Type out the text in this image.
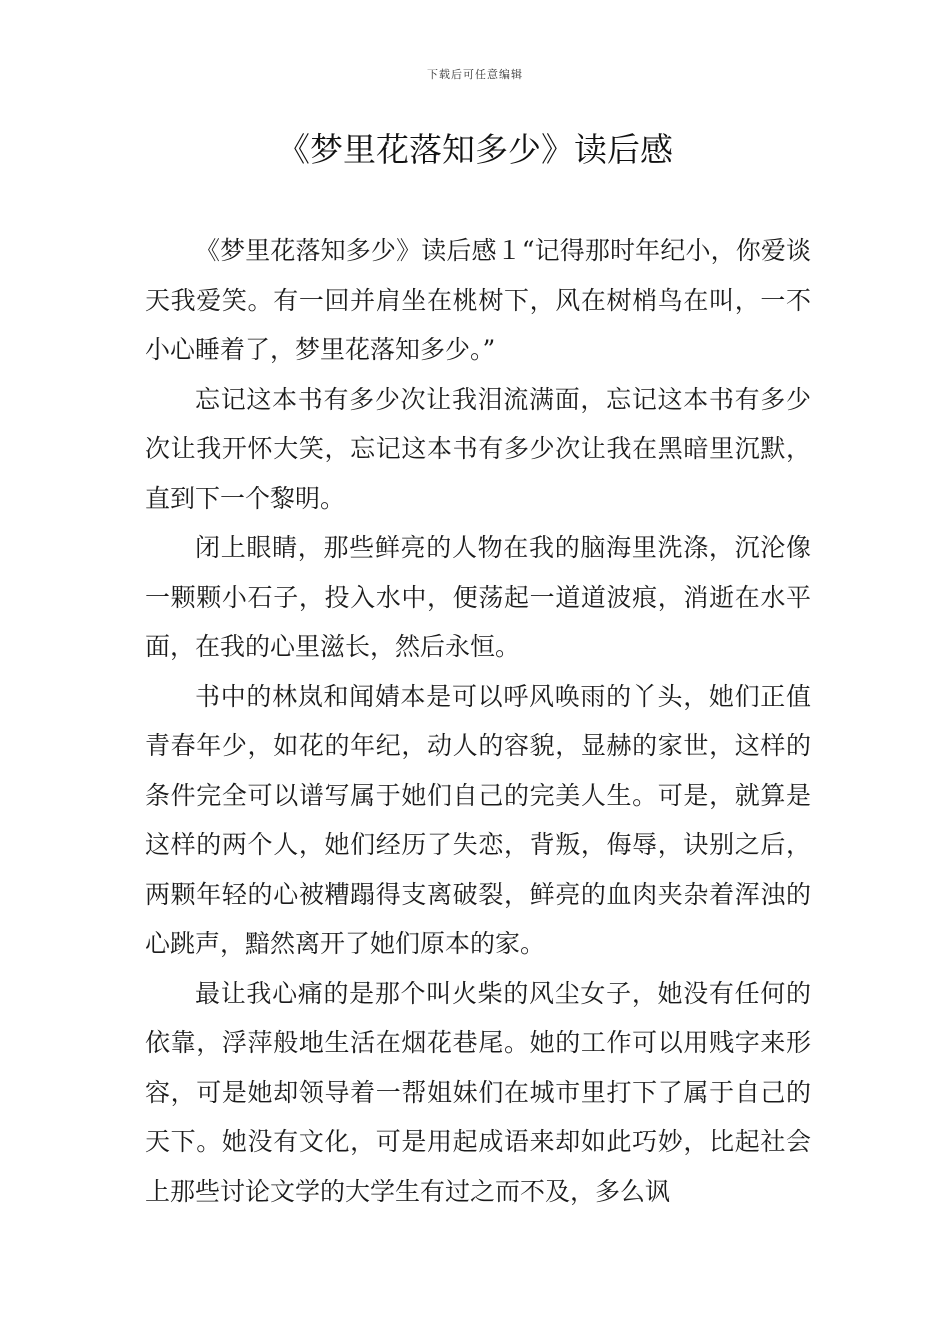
下载后可任意编辑
《梦里花落知多少》读后感

《梦里花落知多少》读后感１“记得那时年纪小，你爱谈天我爱笑。有一回并肩坐在桃树下，风在树梢鸟在叫，一不小心睡着了，梦里花落知多少。”

忘记这本书有多少次让我泪流满面，忘记这本书有多少次让我开怀大笑，忘记这本书有多少次让我在黑暗里沉默，直到下一个黎明。

闭上眼睛，那些鲜亮的人物在我的脑海里洗涤，沉沦像一颗颗小石子，投入水中，便荡起一道道波痕，消逝在水平面，在我的心里滋长，然后永恒。

书中的林岚和闻婧本是可以呼风唤雨的丫头，她们正值青春年少，如花的年纪，动人的容貌，显赫的家世，这样的条件完全可以谱写属于她们自己的完美人生。可是，就算是这样的两个人，她们经历了失恋，背叛，侮辱，诀别之后，两颗年轻的心被糟蹋得支离破裂，鲜亮的血肉夹杂着浑浊的心跳声，黯然离开了她们原本的家。

最让我心痛的是那个叫火柴的风尘女子，她没有任何的依靠，浮萍般地生活在烟花巷尾。她的工作可以用贱字来形容，可是她却领导着一帮姐妹们在城市里打下了属于自己的天下。她没有文化，可是用起成语来却如此巧妙，比起社会上那些讨论文学的大学生有过之而不及，多么讽
